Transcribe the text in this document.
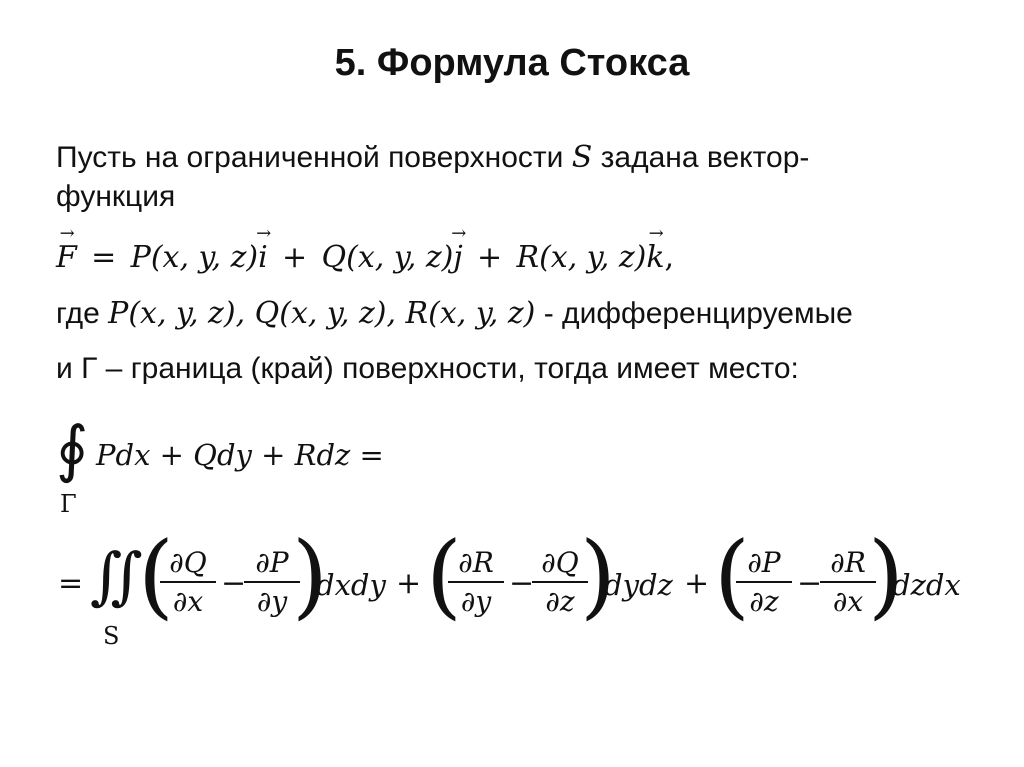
5. Формула Стокса
Пусть на ограниченной поверхности S задана вектор-
функция
→ F = P(x, y, z)→ i + Q(x, y, z)→ j + R(x, y, z)→ k,
где P(x, y, z), Q(x, y, z), R(x, y, z) - дифференцируемые
и Г – граница (край) поверхности, тогда имеет место:
∮
Γ
Pdx + Qdy + Rdz =
= ∬
S
(
$\frac{\partial Q}{\partial x}$ −
$\frac{\partial P}{\partial y}$
)
dxdy + (
$\frac{\partial R}{\partial y}$ −
$\frac{\partial Q}{\partial z}$
)
dydz + (
$\frac{\partial P}{\partial z}$ −
$\frac{\partial R}{\partial x}$
)
dzdx
